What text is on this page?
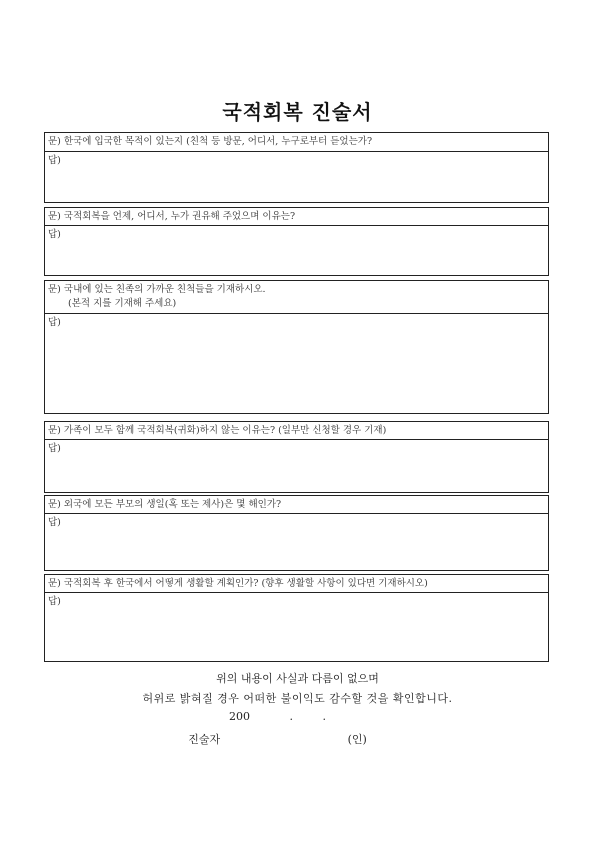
국적회복 진술서
문) 한국에 입국한 목적이 있는지 (친척 등 방문, 어디서, 누구로부터 듣었는가?
답)
문) 국적회복을 언제, 어디서, 누가 권유해 주었으며 이유는?
답)
문) 국내에 있는 친족의 가까운 친척들을 기재하시오.
(본적 지를 기재해 주세요)
답)
문) 가족이 모두 함께 국적회복(귀화)하지 않는 이유는? (일부만 신청할 경우 기재)
답)
문) 외국에 모든 부모의 생일(혹 또는 제사)은 몇 해인가?
답)
문) 국적회복 후 한국에서 어떻게 생활할 계획인가? (향후 생활할 사항이 있다면 기재하시오)
답)
위의 내용이 사실과 다름이 없으며
허위로 밝혀질 경우 어떠한 불이익도 감수할 것을 확인합니다.
200	.	.
진술자	(인)
